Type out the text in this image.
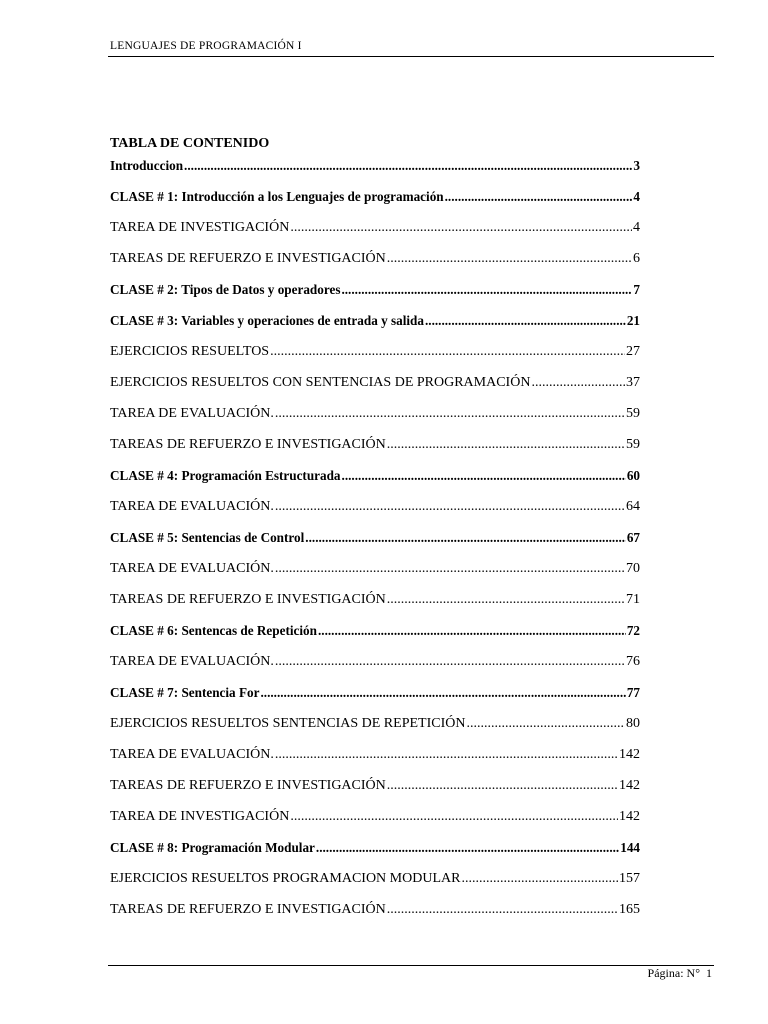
LENGUAJES DE PROGRAMACIÓN I
TABLA DE CONTENIDO
Introduccion .....	3
CLASE # 1: Introducción a los Lenguajes de programación .....	4
TAREA DE INVESTIGACIÓN .....	4
TAREAS DE REFUERZO E INVESTIGACIÓN .....	6
CLASE # 2: Tipos de Datos y operadores .....	7
CLASE # 3: Variables y operaciones de entrada y salida .....	21
EJERCICIOS RESUELTOS .....	27
EJERCICIOS RESUELTOS CON SENTENCIAS DE PROGRAMACIÓN .....	37
TAREA DE EVALUACIÓN. .....	59
TAREAS DE REFUERZO E INVESTIGACIÓN .....	59
CLASE # 4: Programación Estructurada .....	60
TAREA DE EVALUACIÓN. .....	64
CLASE # 5: Sentencias de Control .....	67
TAREA DE EVALUACIÓN. .....	70
TAREAS DE REFUERZO E INVESTIGACIÓN .....	71
CLASE # 6: Sentencas de Repetición .....	72
TAREA DE EVALUACIÓN. .....	76
CLASE # 7: Sentencia For .....	77
EJERCICIOS RESUELTOS SENTENCIAS DE REPETICIÓN .....	80
TAREA DE EVALUACIÓN. .....	142
TAREAS DE REFUERZO E INVESTIGACIÓN .....	142
TAREA DE INVESTIGACIÓN .....	142
CLASE # 8: Programación Modular .....	144
EJERCICIOS RESUELTOS PROGRAMACION MODULAR .....	157
TAREAS DE REFUERZO E INVESTIGACIÓN .....	165
Página: N° 1
